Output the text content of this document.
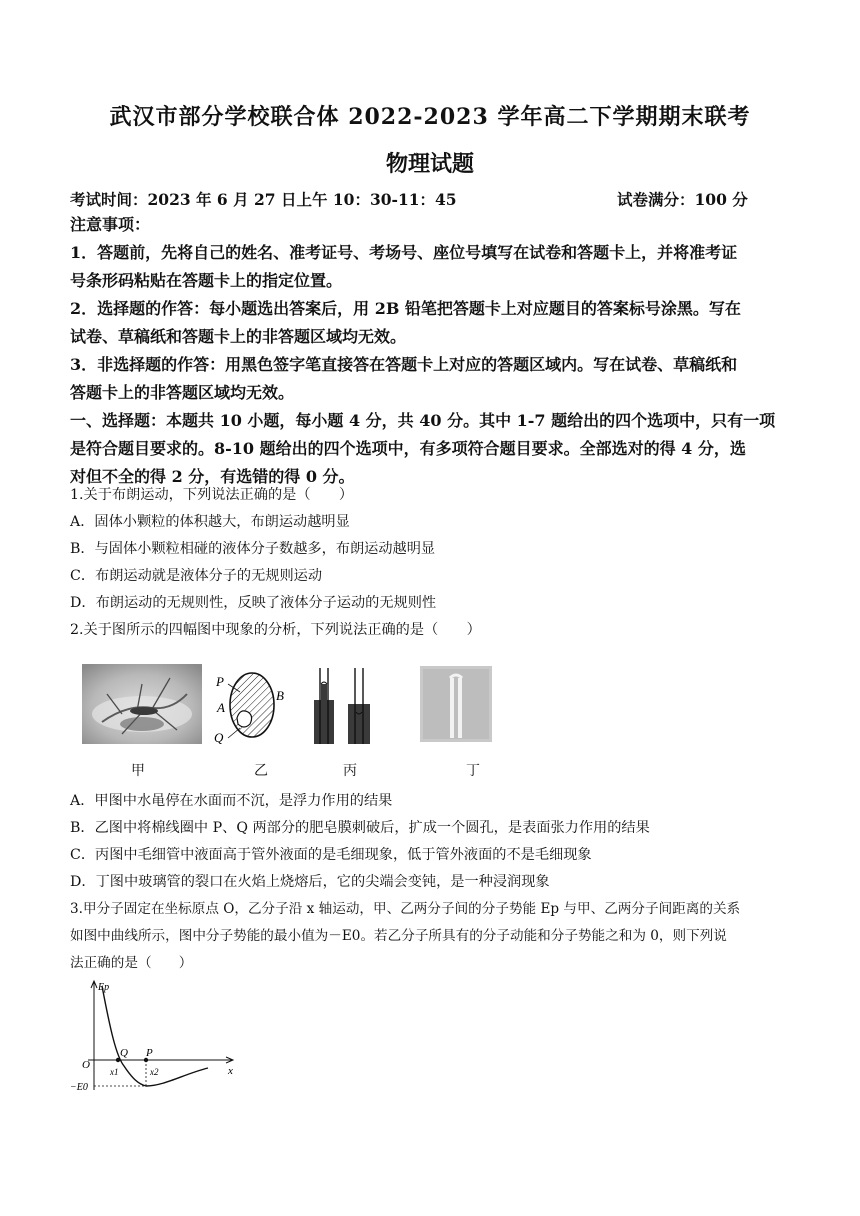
武汉市部分学校联合体 2022-2023 学年高二下学期期末联考
物理试题
考试时间：2023 年 6 月 27 日上午 10：30-11：45	试卷满分：100 分
注意事项：
1．答题前，先将自己的姓名、准考证号、考场号、座位号填写在试卷和答题卡上，并将准考证
号条形码粘贴在答题卡上的指定位置。
2．选择题的作答：每小题选出答案后，用 2B 铅笔把答题卡上对应题目的答案标号涂黑。写在
试卷、草稿纸和答题卡上的非答题区域均无效。
3．非选择题的作答：用黑色签字笔直接答在答题卡上对应的答题区域内。写在试卷、草稿纸和
答题卡上的非答题区域均无效。
一、选择题：本题共 10 小题，每小题 4 分，共 40 分。其中 1-7 题给出的四个选项中，只有一项
是符合题目要求的。8-10 题给出的四个选项中，有多项符合题目要求。全部选对的得 4 分，选
对但不全的得 2 分，有选错的得 0 分。
1.关于布朗运动，下列说法正确的是（　　）
A．固体小颗粒的体积越大，布朗运动越明显
B．与固体小颗粒相碰的液体分子数越多，布朗运动越明显
C．布朗运动就是液体分子的无规则运动
D．布朗运动的无规则性，反映了液体分子运动的无规则性
2.关于图所示的四幅图中现象的分析，下列说法正确的是（　　）
P
A
B
Q
甲	乙	丙	丁
A．甲图中水黾停在水面而不沉，是浮力作用的结果
B．乙图中将棉线圈中 P、Q 两部分的肥皂膜刺破后，扩成一个圆孔，是表面张力作用的结果
C．丙图中毛细管中液面高于管外液面的是毛细现象，低于管外液面的不是毛细现象
D．丁图中玻璃管的裂口在火焰上烧熔后，它的尖端会变钝，是一种浸润现象
3.甲分子固定在坐标原点 O，乙分子沿 x 轴运动，甲、乙两分子间的分子势能 Ep 与甲、乙两分子间距离的关系
如图中曲线所示，图中分子势能的最小值为－E0。若乙分子所具有的分子动能和分子势能之和为 0，则下列说
法正确的是（　　）
Ep
O
Q P
x1	x2	x
−E0
